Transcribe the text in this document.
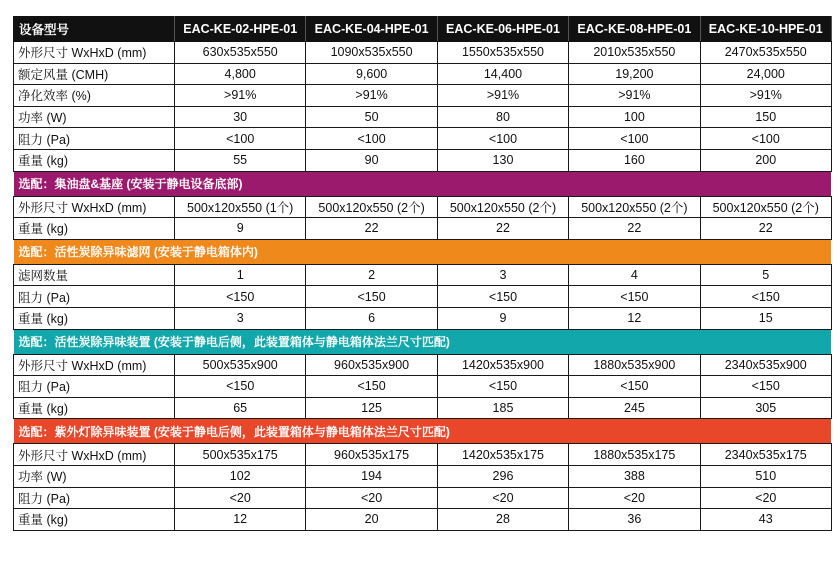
设备型号	EAC-KE-02-HPE-01	EAC-KE-04-HPE-01	EAC-KE-06-HPE-01	EAC-KE-08-HPE-01	EAC-KE-10-HPE-01
外形尺寸 WxHxD (mm)	630x535x550	1090x535x550	1550x535x550	2010x535x550	2470x535x550
额定风量 (CMH)	4,800	9,600	14,400	19,200	24,000
净化效率 (%)	>91%	>91%	>91%	>91%	>91%
功率 (W)	30	50	80	100	150
阻力 (Pa)	<100	<100	<100	<100	<100
重量 (kg)	55	90	130	160	200
选配：集油盘&基座 (安装于静电设备底部)					
外形尺寸 WxHxD (mm)	500x120x550 (1个)	500x120x550 (2个)	500x120x550 (2个)	500x120x550 (2个)	500x120x550 (2个)
重量 (kg)	9	22	22	22	22
选配：活性炭除异味滤网 (安装于静电箱体内)					
滤网数量	1	2	3	4	5
阻力 (Pa)	<150	<150	<150	<150	<150
重量 (kg)	3	6	9	12	15
选配：活性炭除异味装置 (安装于静电后侧，此装置箱体与静电箱体法兰尺寸匹配)					
外形尺寸 WxHxD (mm)	500x535x900	960x535x900	1420x535x900	1880x535x900	2340x535x900
阻力 (Pa)	<150	<150	<150	<150	<150
重量 (kg)	65	125	185	245	305
选配：紫外灯除异味装置 (安装于静电后侧，此装置箱体与静电箱体法兰尺寸匹配)					
外形尺寸 WxHxD (mm)	500x535x175	960x535x175	1420x535x175	1880x535x175	2340x535x175
功率 (W)	102	194	296	388	510
阻力 (Pa)	<20	<20	<20	<20	<20
重量 (kg)	12	20	28	36	43
